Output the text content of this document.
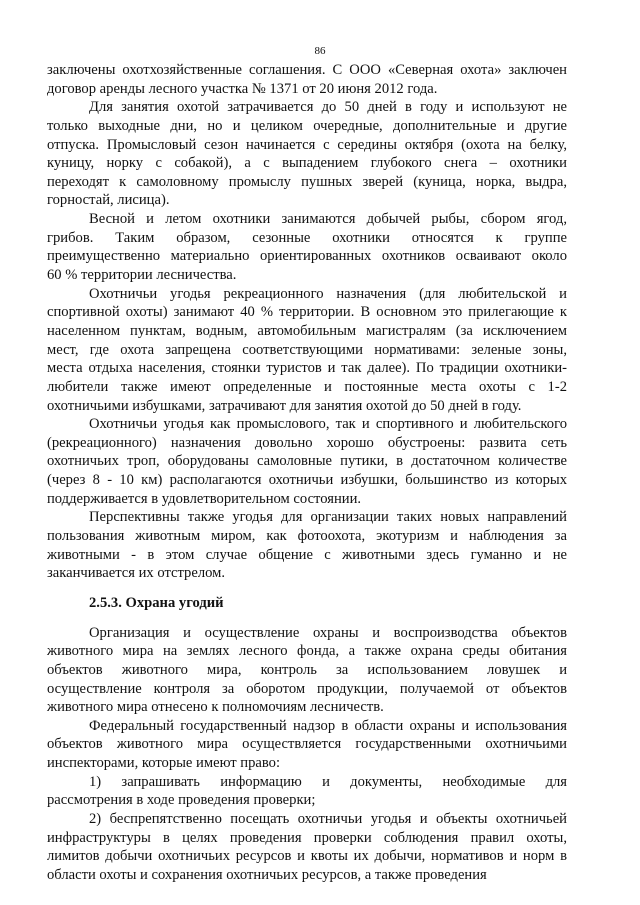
86
заключены охотхозяйственные соглашения. С ООО «Северная охота» заключен
договор аренды лесного участка № 1371 от 20 июня 2012 года.
Для занятия охотой затрачивается до 50 дней в году и используют не
только выходные дни, но и целиком очередные, дополнительные и другие
отпуска. Промысловый сезон начинается с середины октября (охота на белку,
куницу, норку с собакой), а с выпадением глубокого снега – охотники
переходят к самоловному промыслу пушных зверей (куница, норка, выдра,
горностай, лисица).
Весной и летом охотники занимаются добычей рыбы, сбором ягод,
грибов. Таким образом, сезонные охотники относятся к группе
преимущественно материально ориентированных охотников осваивают около
60 % территории лесничества.
Охотничьи угодья рекреационного назначения (для любительской и
спортивной охоты) занимают 40 % территории. В основном это прилегающие к
населенном пунктам, водным, автомобильным магистралям (за исключением
мест, где охота запрещена соответствующими нормативами: зеленые зоны,
места отдыха населения, стоянки туристов и так далее). По традиции охотники-
любители также имеют определенные и постоянные места охоты с 1-2
охотничьими избушками, затрачивают для занятия охотой до 50 дней в году.
Охотничьи угодья как промыслового, так и спортивного и любительского
(рекреационного) назначения довольно хорошо обустроены: развита сеть
охотничьих троп, оборудованы самоловные путики, в достаточном количестве
(через 8 - 10 км) располагаются охотничьи избушки, большинство из которых
поддерживается в удовлетворительном состоянии.
Перспективны также угодья для организации таких новых направлений
пользования животным миром, как фотоохота, экотуризм и наблюдения за
животными - в этом случае общение с животными здесь гуманно и не
заканчивается их отстрелом.
2.5.3. Охрана угодий
Организация и осуществление охраны и воспроизводства объектов
животного мира на землях лесного фонда, а также охрана среды обитания
объектов животного мира, контроль за использованием ловушек и
осуществление контроля за оборотом продукции, получаемой от объектов
животного мира отнесено к полномочиям лесничеств.
Федеральный государственный надзор в области охраны и использования
объектов животного мира осуществляется государственными охотничьими
инспекторами, которые имеют право:
1) запрашивать информацию и документы, необходимые для
рассмотрения в ходе проведения проверки;
2) беспрепятственно посещать охотничьи угодья и объекты охотничьей
инфраструктуры в целях проведения проверки соблюдения правил охоты,
лимитов добычи охотничьих ресурсов и квоты их добычи, нормативов и норм в
области охоты и сохранения охотничьих ресурсов, а также проведения
